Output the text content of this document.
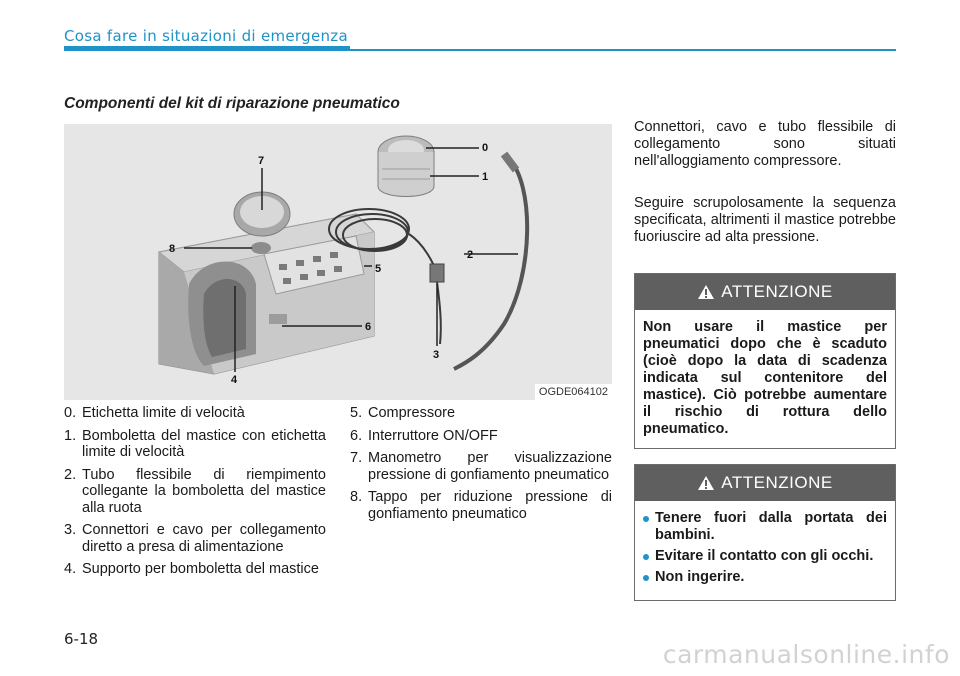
Cosa fare in situazioni di emergenza
Componenti del kit di riparazione pneumatico
0
1
2
3
4
5
6
7
8
OGDE064102
0. Etichetta limite di velocità
1. Bomboletta del mastice con etichetta limite di velocità
2. Tubo flessibile di riempimento collegante la bomboletta del mastice alla ruota
3. Connettori e cavo per collegamento diretto a presa di alimentazione
4. Supporto per bomboletta del mastice
5. Compressore
6. Interruttore ON/OFF
7. Manometro per visualizzazione pressione di gonfiamento pneumatico
8. Tappo per riduzione pressione di gonfiamento pneumatico

Connettori, cavo e tubo flessibile di collegamento sono situati nell'alloggiamento compressore.

Seguire scrupolosamente la sequenza specificata, altrimenti il mastice potrebbe fuoriuscire ad alta pressione.

ATTENZIONE
Non usare il mastice per pneumatici dopo che è scaduto (cioè dopo la data di scadenza indicata sul contenitore del mastice). Ciò potrebbe aumentare il rischio di rottura dello pneumatico.
ATTENZIONE
Tenere fuori dalla portata dei bambini.
Evitare il contatto con gli occhi.
Non ingerire.
6-18
carmanualsonline.info
